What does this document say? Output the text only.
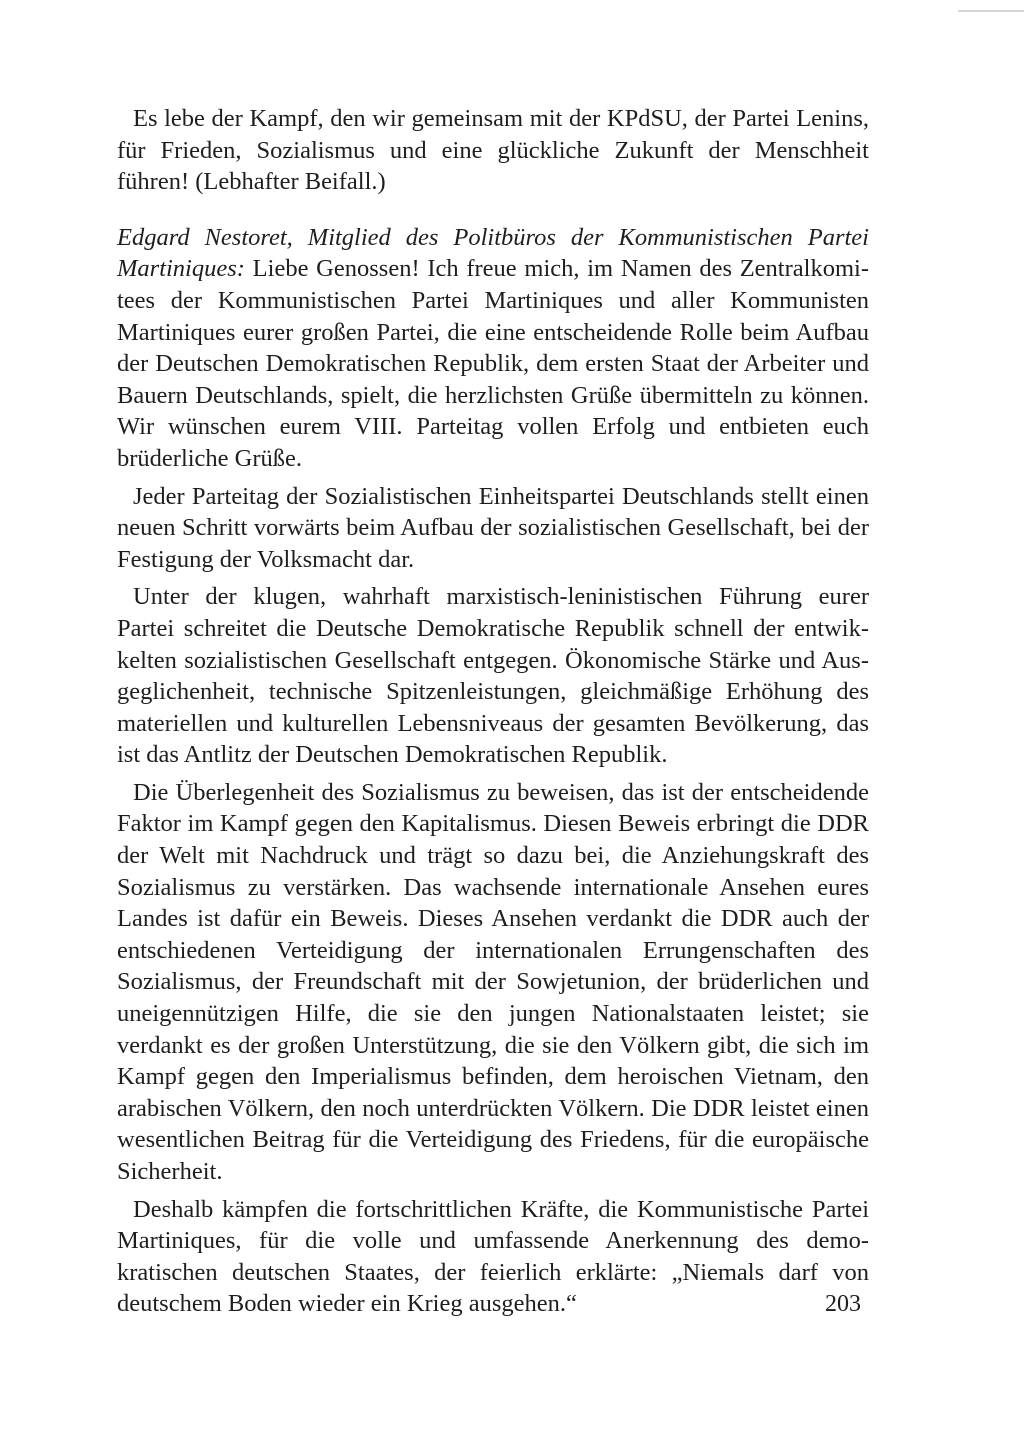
Es lebe der Kampf, den wir gemeinsam mit der KPdSU, der Partei Lenins, für Frieden, Sozialismus und eine glückliche Zukunft der Menschheit führen! (Lebhafter Beifall.)

Edgard Nestoret, Mitglied des Politbüros der Kommunistischen Partei Martiniques: Liebe Genossen! Ich freue mich, im Namen des Zentralkomitees der Kommunistischen Partei Martiniques und aller Kommunisten Martiniques eurer großen Partei, die eine entscheidende Rolle beim Aufbau der Deutschen Demokratischen Republik, dem ersten Staat der Arbeiter und Bauern Deutschlands, spielt, die herzlichsten Grüße übermitteln zu können. Wir wünschen eurem VIII. Parteitag vollen Erfolg und entbieten euch brüderliche Grüße.

Jeder Parteitag der Sozialistischen Einheitspartei Deutschlands stellt einen neuen Schritt vorwärts beim Aufbau der sozialistischen Gesellschaft, bei der Festigung der Volksmacht dar.

Unter der klugen, wahrhaft marxistisch-leninistischen Führung eurer Partei schreitet die Deutsche Demokratische Republik schnell der entwikkelten sozialistischen Gesellschaft entgegen. Ökonomische Stärke und Ausgeglichenheit, technische Spitzenleistungen, gleichmäßige Erhöhung des materiellen und kulturellen Lebensniveaus der gesamten Bevölkerung, das ist das Antlitz der Deutschen Demokratischen Republik.

Die Überlegenheit des Sozialismus zu beweisen, das ist der entscheidende Faktor im Kampf gegen den Kapitalismus. Diesen Beweis erbringt die DDR der Welt mit Nachdruck und trägt so dazu bei, die Anziehungskraft des Sozialismus zu verstärken. Das wachsende internationale Ansehen eures Landes ist dafür ein Beweis. Dieses Ansehen verdankt die DDR auch der entschiedenen Verteidigung der internationalen Errungenschaften des Sozialismus, der Freundschaft mit der Sowjetunion, der brüderlichen und uneigennützigen Hilfe, die sie den jungen Nationalstaaten leistet; sie verdankt es der großen Unterstützung, die sie den Völkern gibt, die sich im Kampf gegen den Imperialismus befinden, dem heroischen Vietnam, den arabischen Völkern, den noch unterdrückten Völkern. Die DDR leistet einen wesentlichen Beitrag für die Verteidigung des Friedens, für die europäische Sicherheit.

Deshalb kämpfen die fortschrittlichen Kräfte, die Kommunistische Partei Martiniques, für die volle und umfassende Anerkennung des demokratischen deutschen Staates, der feierlich erklärte: „Niemals darf von deutschem Boden wieder ein Krieg ausgehen.“	203
